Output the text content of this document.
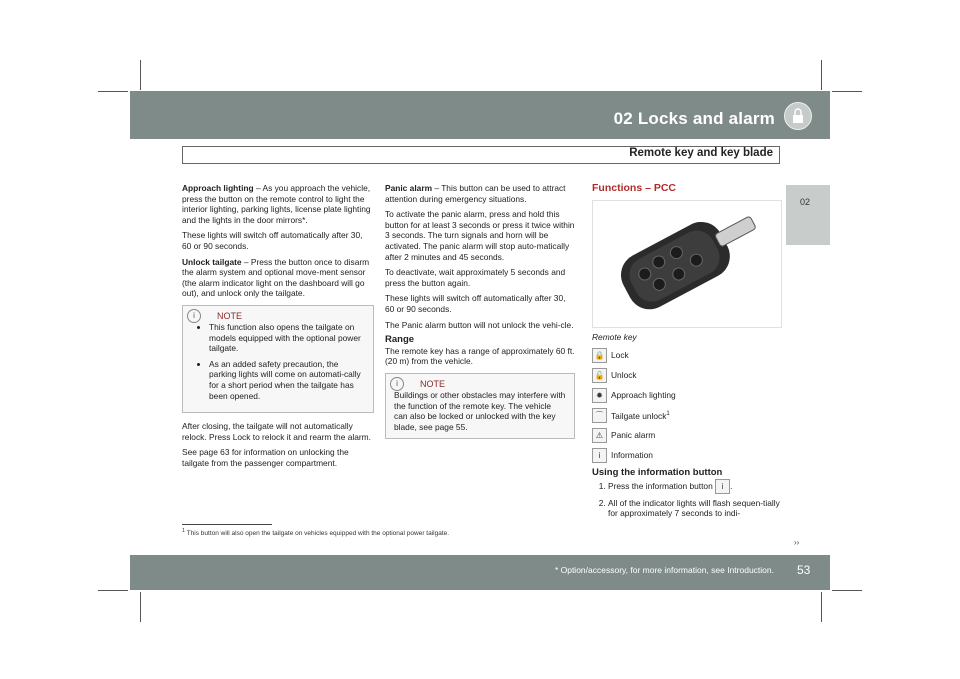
02 Locks and alarm
Remote key and key blade
02

Approach lighting – As you approach the vehicle, press the button on the remote control to light the interior lighting, parking lights, license plate lighting and the lights in the door mirrors*.

These lights will switch off automatically after 30, 60 or 90 seconds.

Unlock tailgate – Press the button once to disarm the alarm system and optional move-ment sensor (the alarm indicator light on the dashboard will go out), and unlock only the tailgate.

i NOTE
• This function also opens the tailgate on models equipped with the optional power tailgate.
• As an added safety precaution, the parking lights will come on automati-cally for a short period when the tailgate has been opened.

After closing, the tailgate will not automatically relock. Press Lock to relock it and rearm the alarm.

See page 63 for information on unlocking the tailgate from the passenger compartment.

Panic alarm – This button can be used to attract attention during emergency situations.

To activate the panic alarm, press and hold this button for at least 3 seconds or press it twice within 3 seconds. The turn signals and horn will be activated. The panic alarm will stop auto-matically after 2 minutes and 45 seconds.

To deactivate, wait approximately 5 seconds and press the button again.

These lights will switch off automatically after 30, 60 or 90 seconds.

The Panic alarm button will not unlock the vehi-cle.

Range

The remote key has a range of approximately 60 ft. (20 m) from the vehicle.

i NOTE
Buildings or other obstacles may interfere with the function of the remote key. The vehicle can also be locked or unlocked with the key blade, see page 55.
Functions – PCC
Remote key
🔒 Lock
🔓 Unlock
✹ Approach lighting
⌒ Tailgate unlock$^1$
⚠ Panic alarm
i	Information
Using the information button
1. Press the information button i .
2. All of the indicator lights will flash sequen-tially for approximately 7 seconds to indi-
$^1$ This button will also open the tailgate on vehicles equipped with the optional power tailgate.
››
* Option/accessory, for more information, see Introduction. 53
